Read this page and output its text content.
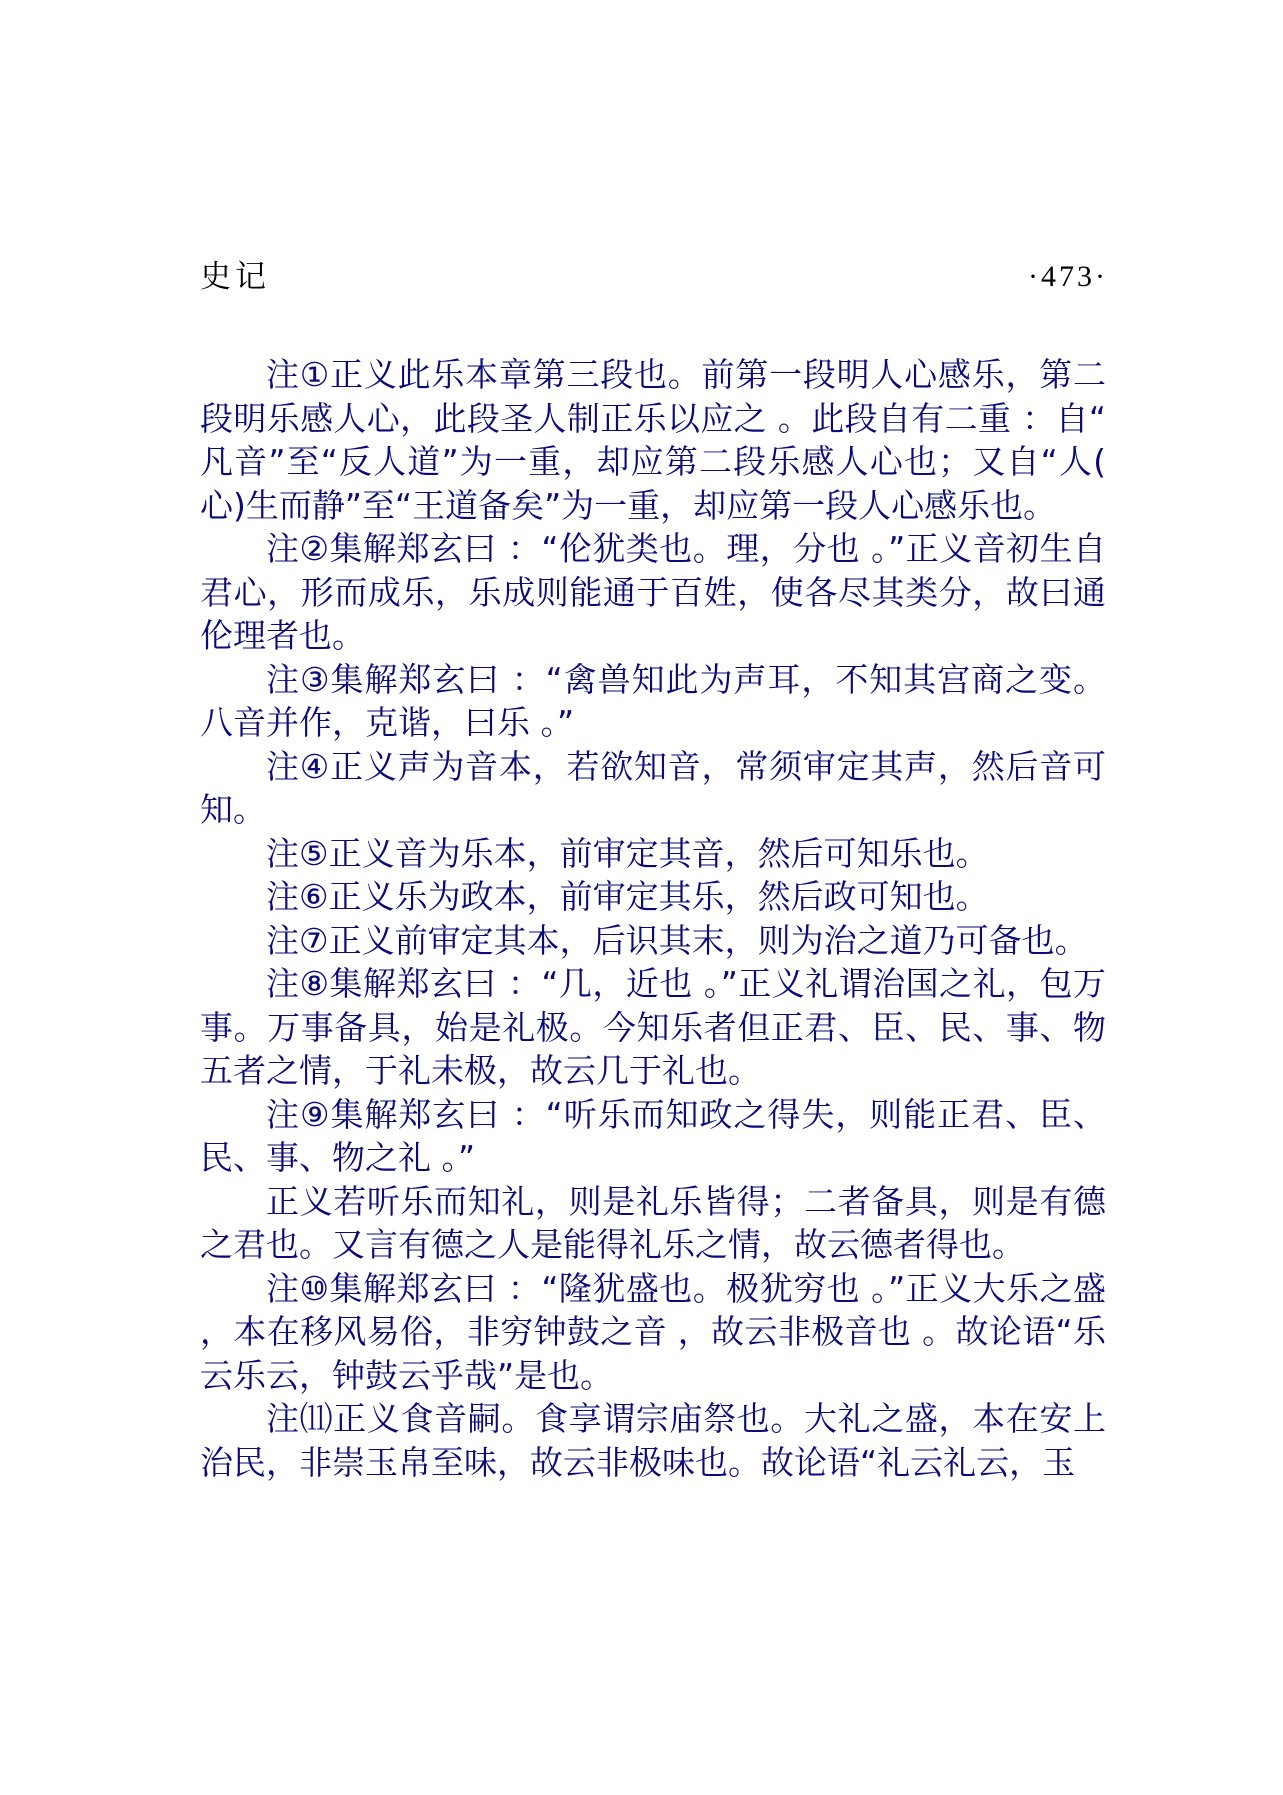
史记	·473·

注①正义此乐本章第三段也。前第一段明人心感乐，第二段明乐感人心，此段圣人制正乐以应之 。此段自有二重 ：自“凡音”至“反人道”为一重，却应第二段乐感人心也；又自“人(心)生而静”至“王道备矣”为一重，却应第一段人心感乐也。

注②集解郑玄曰 ：“伦犹类也。理，分也 。”正义音初生自君心，形而成乐，乐成则能通于百姓，使各尽其类分，故曰通伦理者也。

注③集解郑玄曰 ：“禽兽知此为声耳，不知其宫商之变。八音并作，克谐，曰乐 。”

注④正义声为音本，若欲知音，常须审定其声，然后音可知。

注⑤正义音为乐本，前审定其音，然后可知乐也。

注⑥正义乐为政本，前审定其乐，然后政可知也。

注⑦正义前审定其本，后识其末，则为治之道乃可备也。

注⑧集解郑玄曰 ：“几，近也 。”正义礼谓治国之礼，包万事。万事备具，始是礼极。今知乐者但正君、臣、民、事、物五者之情，于礼未极，故云几于礼也。

注⑨集解郑玄曰 ：“听乐而知政之得失，则能正君、臣、民、事、物之礼 。”

正义若听乐而知礼，则是礼乐皆得；二者备具，则是有德之君也。又言有德之人是能得礼乐之情，故云德者得也。

注⑩集解郑玄曰 ：“隆犹盛也。极犹穷也 。”正义大乐之盛，本在移风易俗，非穷钟鼓之音 ，故云非极音也 。故论语“乐云乐云，钟鼓云乎哉”是也。

注⑾正义食音嗣。食享谓宗庙祭也。大礼之盛，本在安上治民，非崇玉帛至味，故云非极味也。故论语“礼云礼云，玉
